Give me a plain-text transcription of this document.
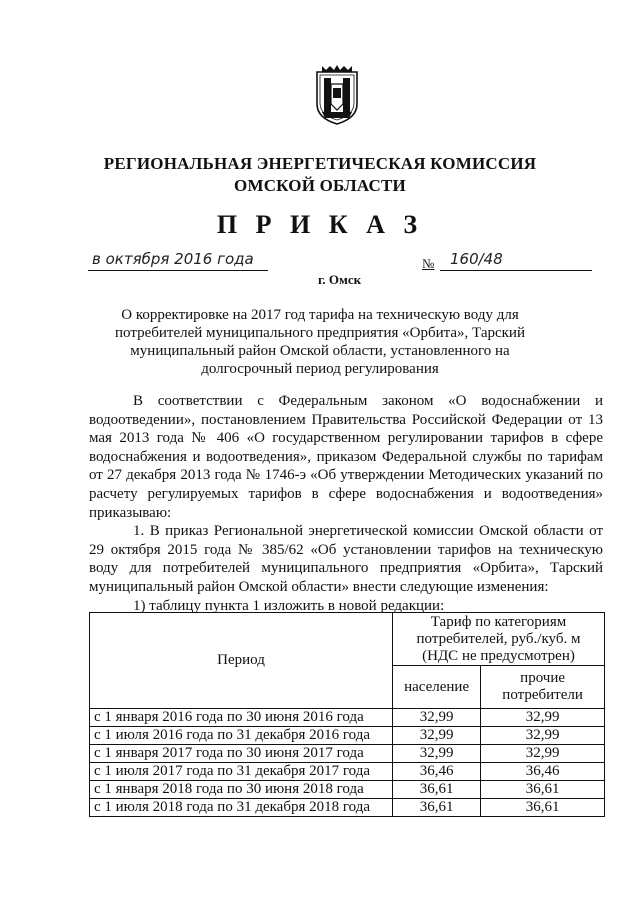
РЕГИОНАЛЬНАЯ ЭНЕРГЕТИЧЕСКАЯ КОМИССИЯ
ОМСКОЙ ОБЛАСТИ
П Р И К А З
в октября 2016 года	№ 160/48
г. Омск
О корректировке на 2017 год тарифа на техническую воду для
потребителей муниципального предприятия «Орбита», Тарский
муниципальный район Омской области, установленного на
долгосрочный период регулирования

В соответствии с Федеральным законом «О водоснабжении и водоотведении», постановлением Правительства Российской Федерации от 13 мая 2013 года № 406 «О государственном регулировании тарифов в сфере водоснабжения и водоотведения», приказом Федеральной службы по тарифам от 27 декабря 2013 года № 1746-э «Об утверждении Методических указаний по расчету регулируемых тарифов в сфере водоснабжения и водоотведения» приказываю:

1. В приказ Региональной энергетической комиссии Омской области от 29 октября 2015 года № 385/62 «Об установлении тарифов на техническую воду для потребителей муниципального предприятия «Орбита», Тарский муниципальный район Омской области» внести следующие изменения:

1) таблицу пункта 1 изложить в новой редакции:

Период	Тариф по категориям потребителей, руб./куб. м (НДС не предусмотрен)	
	население	прочие потребители
с 1 января 2016 года по 30 июня 2016 года	32,99	32,99
с 1 июля 2016 года по 31 декабря 2016 года	32,99	32,99
с 1 января 2017 года по 30 июня 2017 года	32,99	32,99
с 1 июля 2017 года по 31 декабря 2017 года	36,46	36,46
с 1 января 2018 года по 30 июня 2018 года	36,61	36,61
с 1 июля 2018 года по 31 декабря 2018 года	36,61	36,61
